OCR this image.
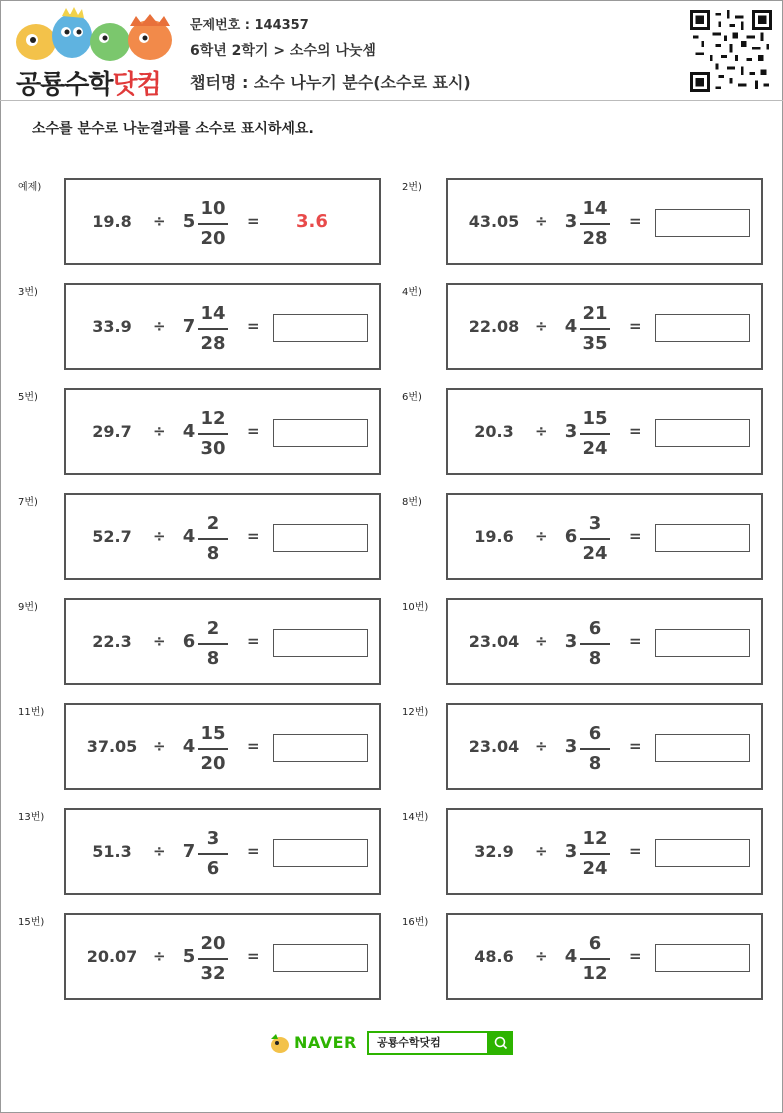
공룡수학닷컴
문제번호 : 144357
6학년 2학기 > 소수의 나눗셈
챕터명 : 소수 나누기 분수(소수로 표시)
소수를 분수로 나눈결과를 소수로 표시하세요.
예제)
19.8	÷ 5
10
20
= 3.6
2번)
43.05	÷ 3
14
28
=
3번)
33.9	÷ 7
14
28
=
4번)
22.08	÷ 4
21
35
=
5번)
29.7	÷ 4
12
30
=
6번)
20.3	÷ 3
15
24
=
7번)
52.7	÷ 4
2
8
=
8번)
19.6	÷ 6
3
24
=
9번)
22.3	÷ 6
2
8
=
10번)
23.04	÷ 3
6
8
=
11번)
37.05	÷ 4
15
20
=
12번)
23.04	÷ 3
6
8
=
13번)
51.3	÷ 7
3
6
=
14번)
32.9	÷ 3
12
24
=
15번)
20.07	÷ 5
20
32
=
16번)
48.6	÷ 4
6
12
=
NAVER	공룡수학닷컴
